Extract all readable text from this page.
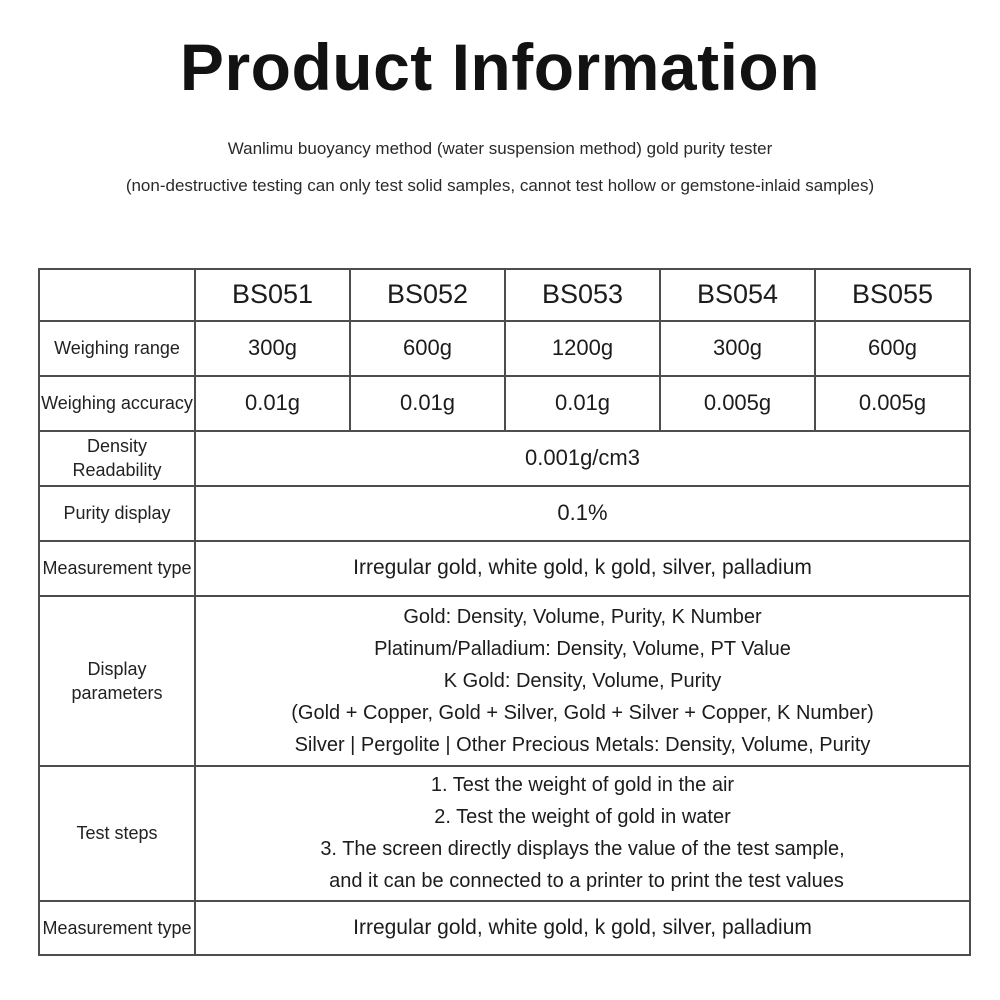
Product Information
Wanlimu buoyancy method (water suspension method) gold purity tester
(non-destructive testing can only test solid samples, cannot test hollow or gemstone-inlaid samples)
Model	BS051	BS052	BS053	BS054	BS055
Weighing range	300g	600g	1200g	300g	600g
Weighing accuracy	0.01g	0.01g	0.01g	0.005g	0.005g
Density Readability	0.001g/cm3				
Purity display	0.1%				
Measurement type	Irregular gold, white gold, k gold, silver, palladium				
Display parameters	Gold: Density, Volume, Purity, K Number
Platinum/Palladium: Density, Volume, PT Value
K Gold: Density, Volume, Purity
(Gold + Copper, Gold + Silver, Gold + Silver + Copper, K Number)
Silver | Pergolite | Other Precious Metals: Density, Volume, Purity				

Test steps	1. Test the weight of gold in the air
2. Test the weight of gold in water
3. The screen directly displays the value of the test sample,
and it can be connected to a printer to print the test values				

Measurement type	Irregular gold, white gold, k gold, silver, palladium				
